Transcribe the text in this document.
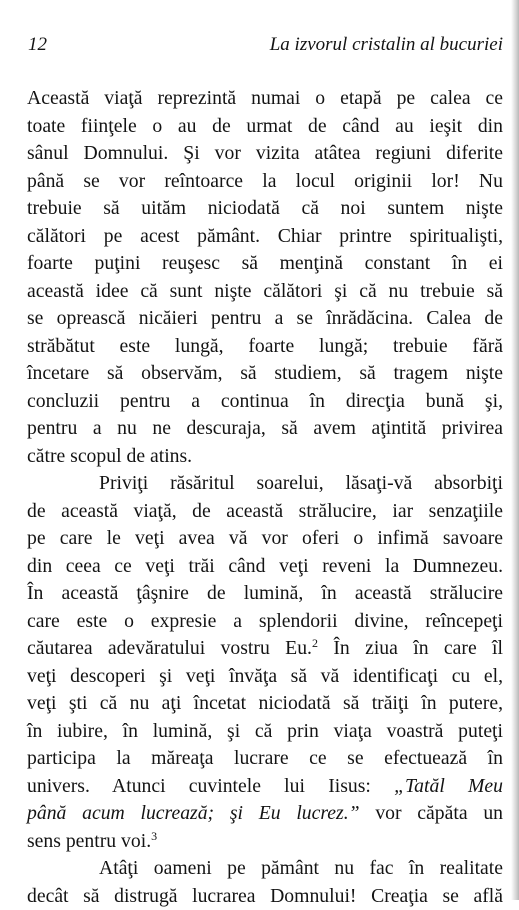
12	La izvorul cristalin al bucuriei
Această viaţă reprezintă numai o etapă pe calea ce
toate fiinţele o au de urmat de când au ieşit din
sânul Domnului. Şi vor vizita atâtea regiuni diferite
până se vor reîntoarce la locul originii lor! Nu
trebuie să uităm niciodată că noi suntem nişte
călători pe acest pământ. Chiar printre spiritualişti,
foarte puţini reuşesc să menţină constant în ei
această idee că sunt nişte călători şi că nu trebuie să
se oprească nicăieri pentru a se înrădăcina. Calea de
străbătut este lungă, foarte lungă; trebuie fără
încetare să observăm, să studiem, să tragem nişte
concluzii pentru a continua în direcţia bună şi,
pentru a nu ne descuraja, să avem aţintită privirea
către scopul de atins.
Priviţi răsăritul soarelui, lăsaţi-vă absorbiţi
de această viaţă, de această strălucire, iar senzaţiile
pe care le veţi avea vă vor oferi o infimă savoare
din ceea ce veţi trăi când veţi reveni la Dumnezeu.
În această ţâşnire de lumină, în această strălucire
care este o expresie a splendorii divine, reîncepeţi
căutarea adevăratului vostru Eu.$^2$ În ziua în care îl
veţi descoperi şi veţi învăţa să vă identificaţi cu el,
veţi şti că nu aţi încetat niciodată să trăiţi în putere,
în iubire, în lumină, şi că prin viaţa voastră puteţi
participa la măreaţa lucrare ce se efectuează în
univers. Atunci cuvintele lui Iisus: „Tatăl Meu
până acum lucrează; şi Eu lucrez.” vor căpăta un
sens pentru voi.$^3$
Atâţi oameni pe pământ nu fac în realitate
decât să distrugă lucrarea Domnului! Creaţia se află
